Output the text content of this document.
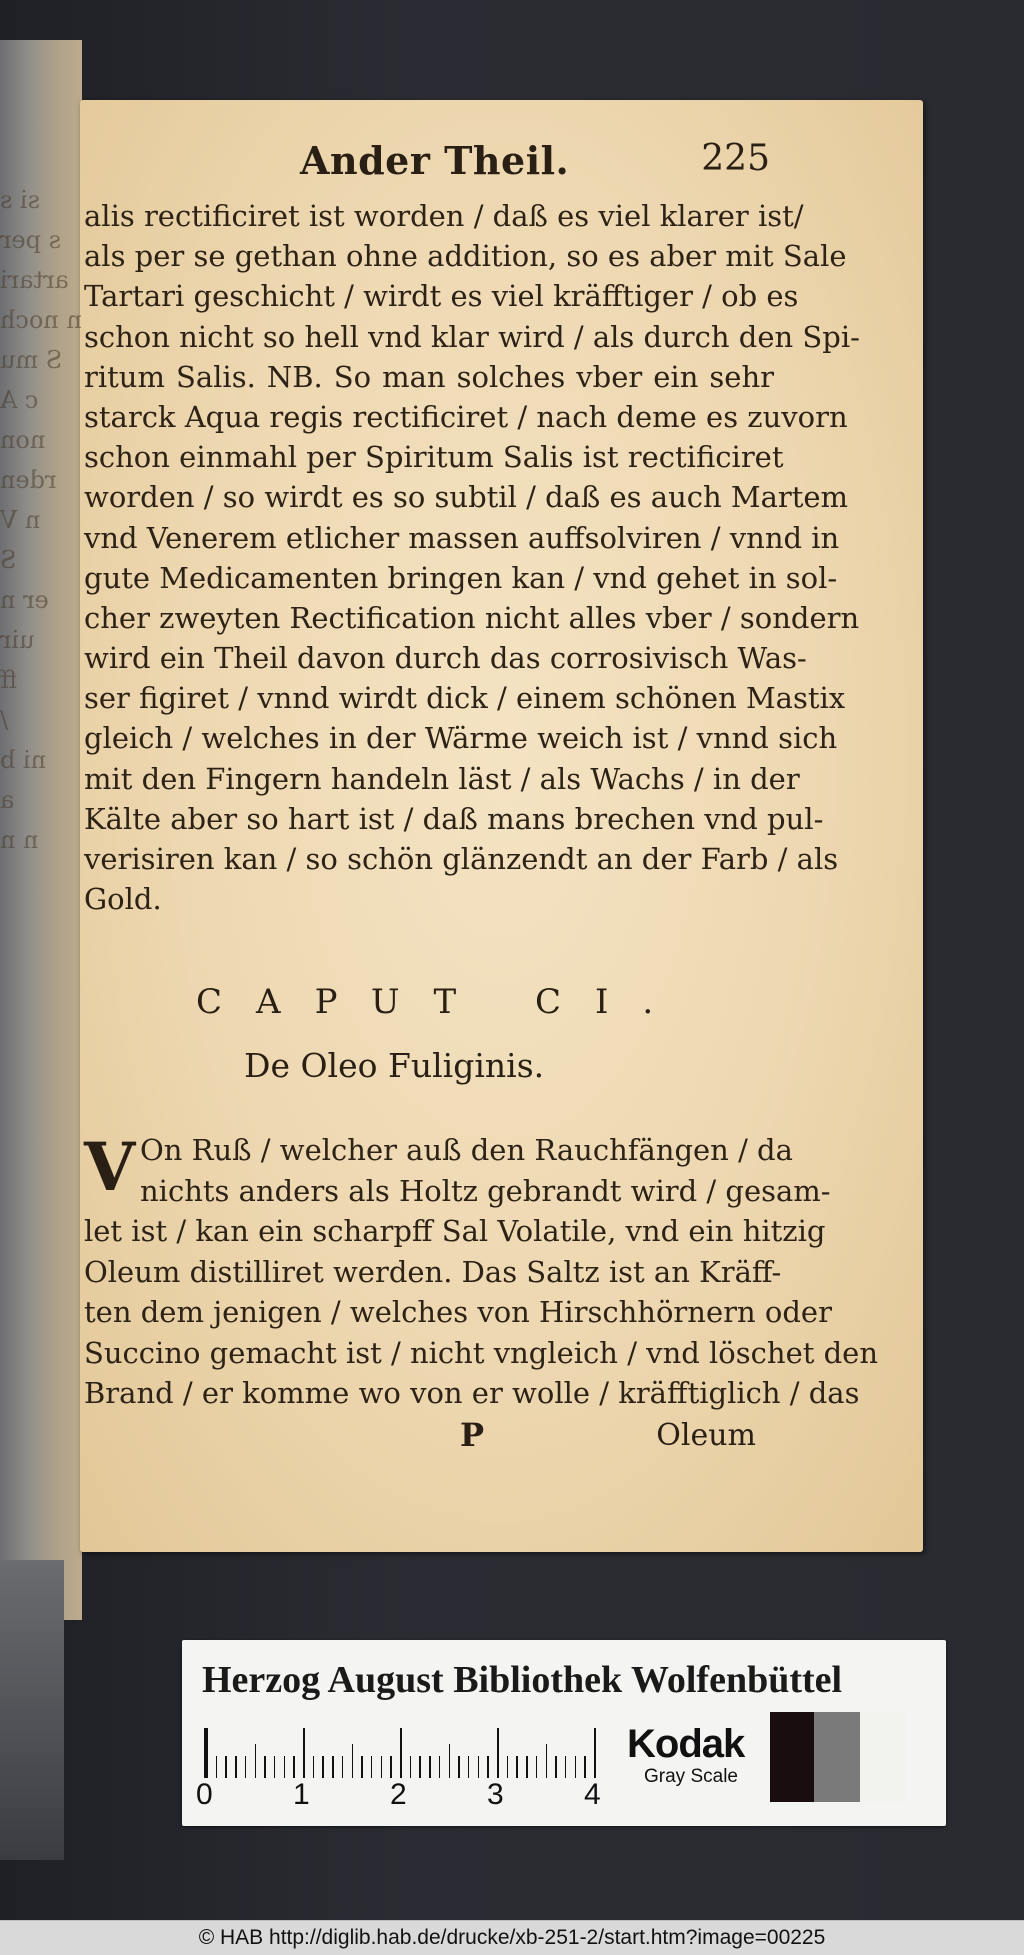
si s
s per
artari
n noch
S mu
c A
non
rden
n V
S
er n
uir
ff
/
ni b
a
n n
Ander Theil.	225
alis rectificiret ist worden / daß es viel klarer ist/
als per se gethan ohne addition, so es aber mit Sale
Tartari geschicht / wirdt es viel kräfftiger / ob es
schon nicht so hell vnd klar wird / als durch den Spi-
ritum Salis. NB. So man solches vber ein sehr
starck Aqua regis rectificiret / nach deme es zuvorn
schon einmahl per Spiritum Salis ist rectificiret
worden / so wirdt es so subtil / daß es auch Martem
vnd Venerem etlicher massen auffsolviren / vnnd in
gute Medicamenten bringen kan / vnd gehet in sol-
cher zweyten Rectification nicht alles vber / sondern
wird ein Theil davon durch das corrosivisch Was-
ser figiret / vnnd wirdt dick / einem schönen Mastix
gleich / welches in der Wärme weich ist / vnnd sich
mit den Fingern handeln läst / als Wachs / in der
Kälte aber so hart ist / daß mans brechen vnd pul-
verisiren kan / so schön glänzendt an der Farb / als
Gold.
CAPUT CI.
De Oleo Fuliginis.
V On Ruß / welcher auß den Rauchfängen / da
nichts anders als Holtz gebrandt wird / gesam-
let ist / kan ein scharpff Sal Volatile, vnd ein hitzig
Oleum distilliret werden. Das Saltz ist an Kräff-
ten dem jenigen / welches von Hirschhörnern oder
Succino gemacht ist / nicht vngleich / vnd löschet den
Brand / er komme wo von er wolle / kräfftiglich / das
P	Oleum
Herzog August Bibliothek Wolfenbüttel
0	1	2	3	4
Kodak
Gray Scale
© HAB http://diglib.hab.de/drucke/xb-251-2/start.htm?image=00225
